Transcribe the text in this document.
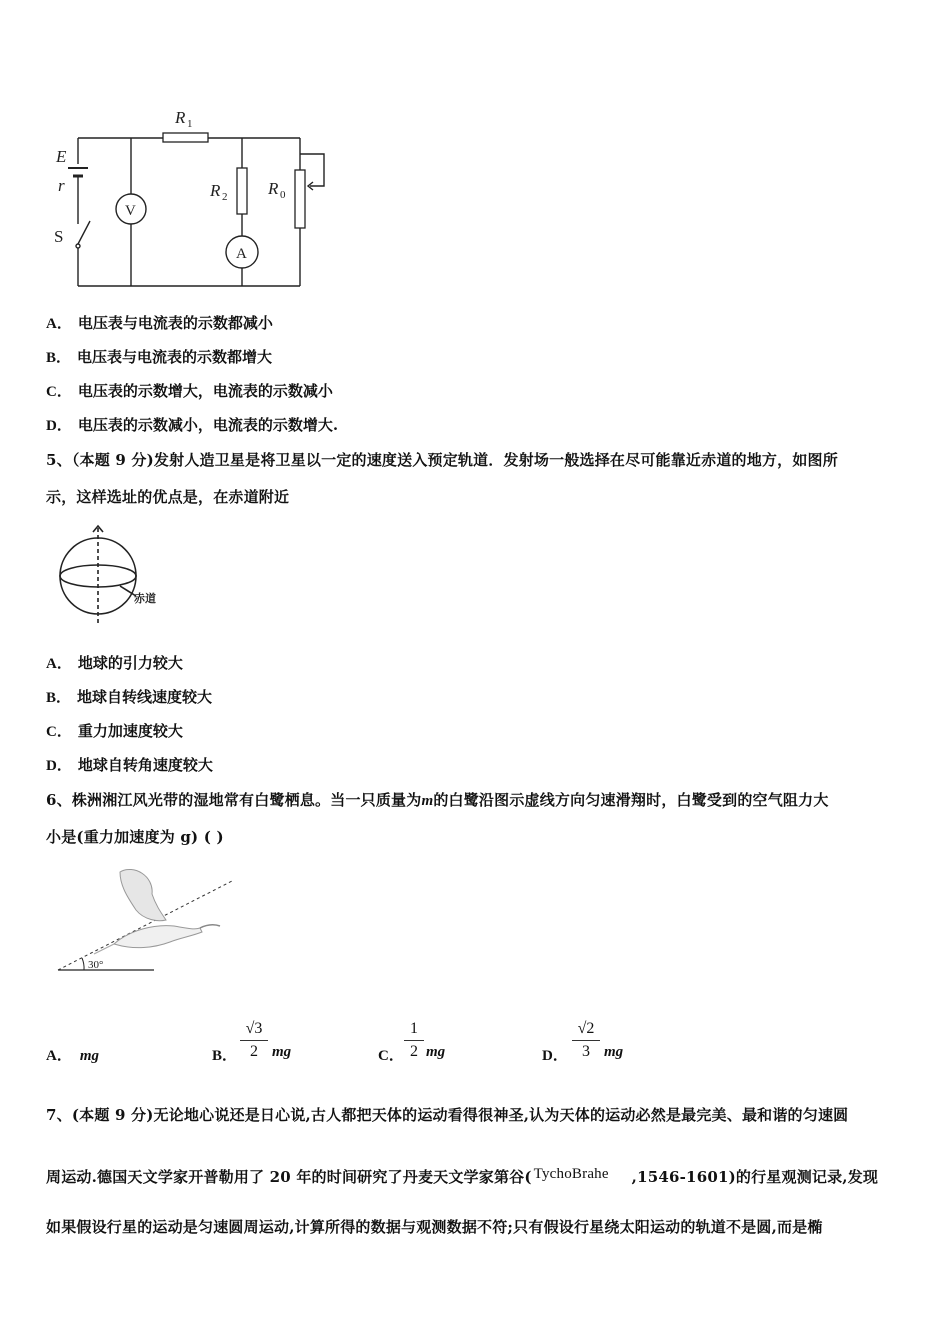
E
r
S
R 1
R 2 R 0
V
A
A． 电压表与电流表的示数都减小
B． 电压表与电流表的示数都增大
C． 电压表的示数增大，电流表的示数减小
D． 电压表的示数减小，电流表的示数增大.
5、（本题 9 分)发射人造卫星是将卫星以一定的速度送入预定轨道．发射场一般选择在尽可能靠近赤道的地方，如图所
示，这样选址的优点是，在赤道附近
赤道
A． 地球的引力较大
B． 地球自转线速度较大
C． 重力加速度较大
D． 地球自转角速度较大
6、株洲湘江风光带的湿地常有白鹭栖息。当一只质量为m的白鹭沿图示虚线方向匀速滑翔时，白鹭受到的空气阻力大
小是(重力加速度为 g) ( )
30°
A． mg	B．
√3
2 mg	C．
1
2 mg	D．
√2
3 mg
7、(本题 9 分)无论地心说还是日心说,古人都把天体的运动看得很神圣,认为天体的运动必然是最完美、最和谐的匀速圆
周运动.德国天文学家开普勒用了 20 年的时间研究了丹麦天文学家第谷( TychoBrahe ,1546-1601)的行星观测记录,发现
如果假设行星的运动是匀速圆周运动,计算所得的数据与观测数据不符;只有假设行星绕太阳运动的轨道不是圆,而是椭
